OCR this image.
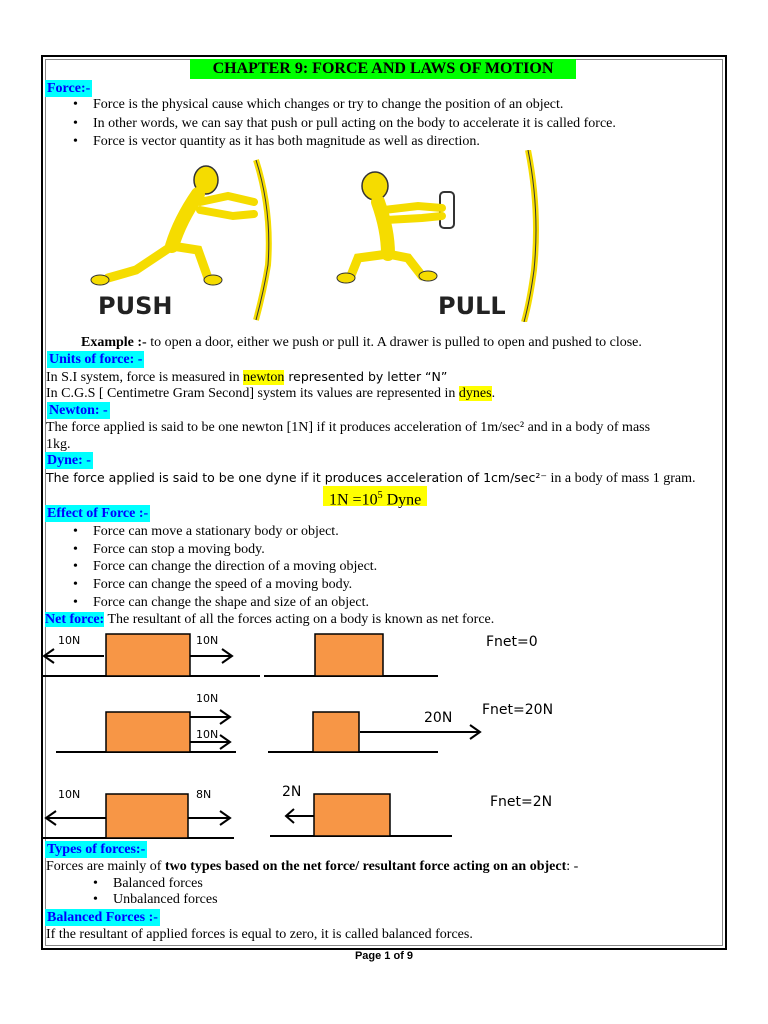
CHAPTER 9: FORCE AND LAWS OF MOTION
Force:-
• Force is the physical cause which changes or try to change the position of an object.
• In other words, we can say that push or pull acting on the body to accelerate it is called force.
• Force is vector quantity as it has both magnitude as well as direction.
PUSH	PULL
Example :- to open a door, either we push or pull it. A drawer is pulled to open and pushed to close.
Units of force: -
In S.I system, force is measured in newton represented by letter “N”
In C.G.S [ Centimetre Gram Second] system its values are represented in dynes.
Newton: -
The force applied is said to be one newton [1N] if it produces acceleration of 1m/sec² and in a body of mass
1kg.
Dyne: -
The force applied is said to be one dyne if it produces acceleration of 1cm/sec²⁻ in a body of mass 1 gram.
$1N =10^5$ Dyne
Effect of Force :-
• Force can move a stationary body or object.
• Force can stop a moving body.
• Force can change the direction of a moving object.
• Force can change the speed of a moving body.
• Force can change the shape and size of an object.
Net force: The resultant of all the forces acting on a body is known as net force.
10N	10N	Fnet=0
10N
10N
20N Fnet=20N
10N	8N	2N
Fnet=2N
Types of forces:-
Forces are mainly of two types based on the net force/ resultant force acting on an object: -
• Balanced forces
• Unbalanced forces
Balanced Forces :-
If the resultant of applied forces is equal to zero, it is called balanced forces.
Page 1 of 9
